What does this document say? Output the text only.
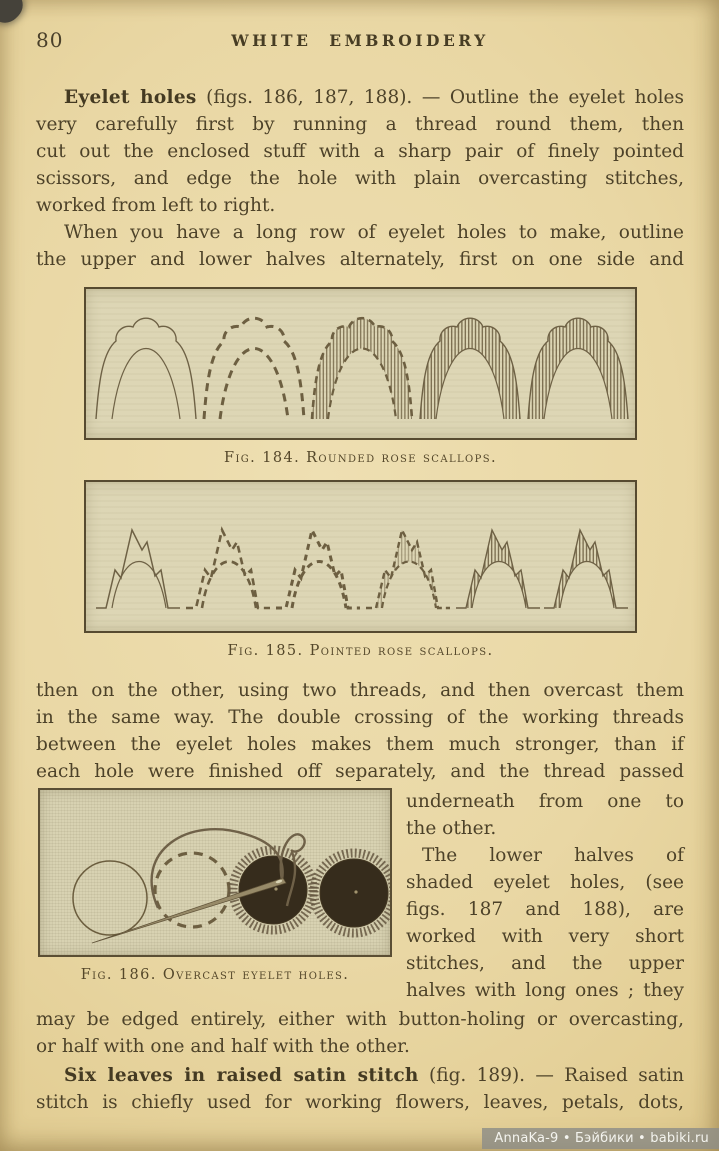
80	WHITE EMBROIDERY
Eyelet holes (figs. 186, 187, 188). — Outline the eyelet holes
very carefully first by running a thread round them, then
cut out the enclosed stuff with a sharp pair of finely pointed
scissors, and edge the hole with plain overcasting stitches,
worked from left to right.
When you have a long row of eyelet holes to make, outline
the upper and lower halves alternately, first on one side and
Fig. 184. Rounded rose scallops.
Fig. 185. Pointed rose scallops.
then on the other, using two threads, and then overcast them
in the same way. The double crossing of the working threads
between the eyelet holes makes them much stronger, than if
each hole were finished off separately, and the thread passed
Fig. 186. Overcast eyelet holes.
underneath from one to
the other.
The lower halves of
shaded eyelet holes, (see
figs. 187 and 188), are
worked with very short
stitches, and the upper
halves with long ones ; they
may be edged entirely, either with button-holing or overcasting,
or half with one and half with the other.
Six leaves in raised satin stitch (fig. 189). — Raised satin
stitch is chiefly used for working flowers, leaves, petals, dots,
AnnaKa-9 • Бэйбики • babiki.ru
